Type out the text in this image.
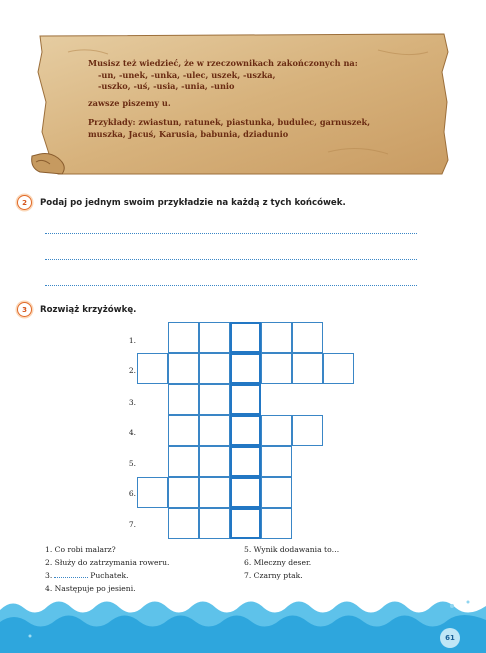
Musisz też wiedzieć, że w rzeczownikach zakończonych na:
-un, -unek, -unka, -ulec, uszek, -uszka,
-uszko, -uś, -usia, -unia, -unio
zawsze piszemy u.
Przykłady: zwiastun, ratunek, piastunka, budulec, garnuszek,
muszka, Jacuś, Karusia, babunia, dziadunio
2	Podaj po jednym swoim przykładzie na każdą z tych końcówek.
3	Rozwiąż krzyżówkę.
1.
2.
3.
4.
5.
6.
7.
1. Co robi malarz?
2. Służy do zatrzymania roweru.
3.	Puchatek.
4. Następuje po jesieni.
5. Wynik dodawania to…
6. Mleczny deser.
7. Czarny ptak.
61
